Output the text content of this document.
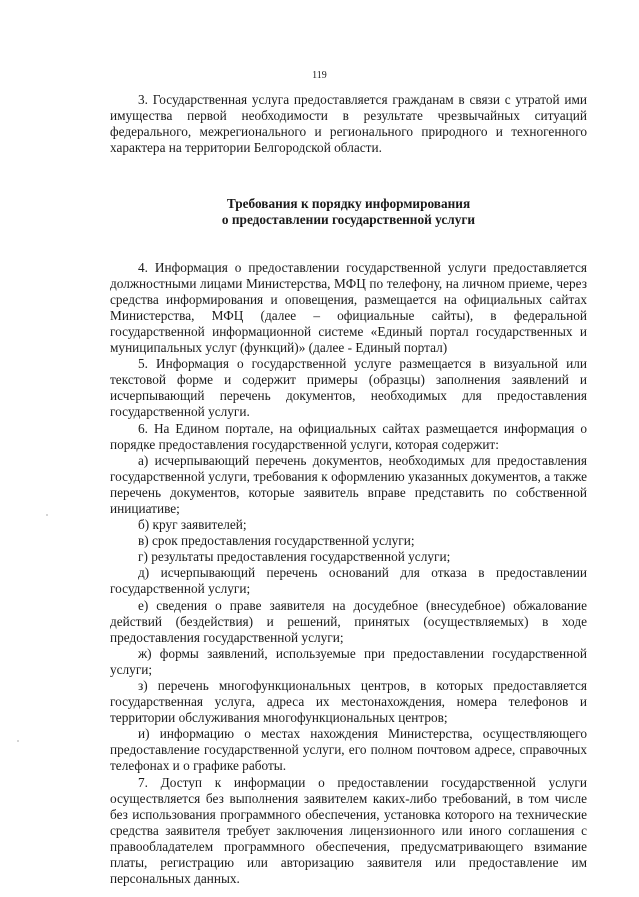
119

3. Государственная услуга предоставляется гражданам в связи с утратой ими имущества первой необходимости в результате чрезвычайных ситуаций федерального, межрегионального и регионального природного и техногенного характера на территории Белгородской области.

Требования к порядку информирования
о предоставлении государственной услуги

4. Информация о предоставлении государственной услуги предоставляется должностными лицами Министерства, МФЦ по телефону, на личном приеме, через средства информирования и оповещения, размещается на официальных сайтах Министерства, МФЦ (далее – официальные сайты), в федеральной государственной информационной системе «Единый портал государственных и муниципальных услуг (функций)» (далее - Единый портал)

5. Информация о государственной услуге размещается в визуальной или текстовой форме и содержит примеры (образцы) заполнения заявлений и исчерпывающий перечень документов, необходимых для предоставления государственной услуги.

6. На Едином портале, на официальных сайтах размещается информация о порядке предоставления государственной услуги, которая содержит:

а) исчерпывающий перечень документов, необходимых для предоставления государственной услуги, требования к оформлению указанных документов, а также перечень документов, которые заявитель вправе представить по собственной инициативе;

б) круг заявителей;

в) срок предоставления государственной услуги;

г) результаты предоставления государственной услуги;

д) исчерпывающий перечень оснований для отказа в предоставлении государственной услуги;

е) сведения о праве заявителя на досудебное (внесудебное) обжалование действий (бездействия) и решений, принятых (осуществляемых) в ходе предоставления государственной услуги;

ж) формы заявлений, используемые при предоставлении государственной услуги;

з) перечень многофункциональных центров, в которых предоставляется государственная услуга, адреса их местонахождения, номера телефонов и территории обслуживания многофункциональных центров;

и) информацию о местах нахождения Министерства, осуществляющего предоставление государственной услуги, его полном почтовом адресе, справочных телефонах и о графике работы.

7. Доступ к информации о предоставлении государственной услуги осуществляется без выполнения заявителем каких-либо требований, в том числе без использования программного обеспечения, установка которого на технические средства заявителя требует заключения лицензионного или иного соглашения с правообладателем программного обеспечения, предусматривающего взимание платы, регистрацию или авторизацию заявителя или предоставление им персональных данных.
